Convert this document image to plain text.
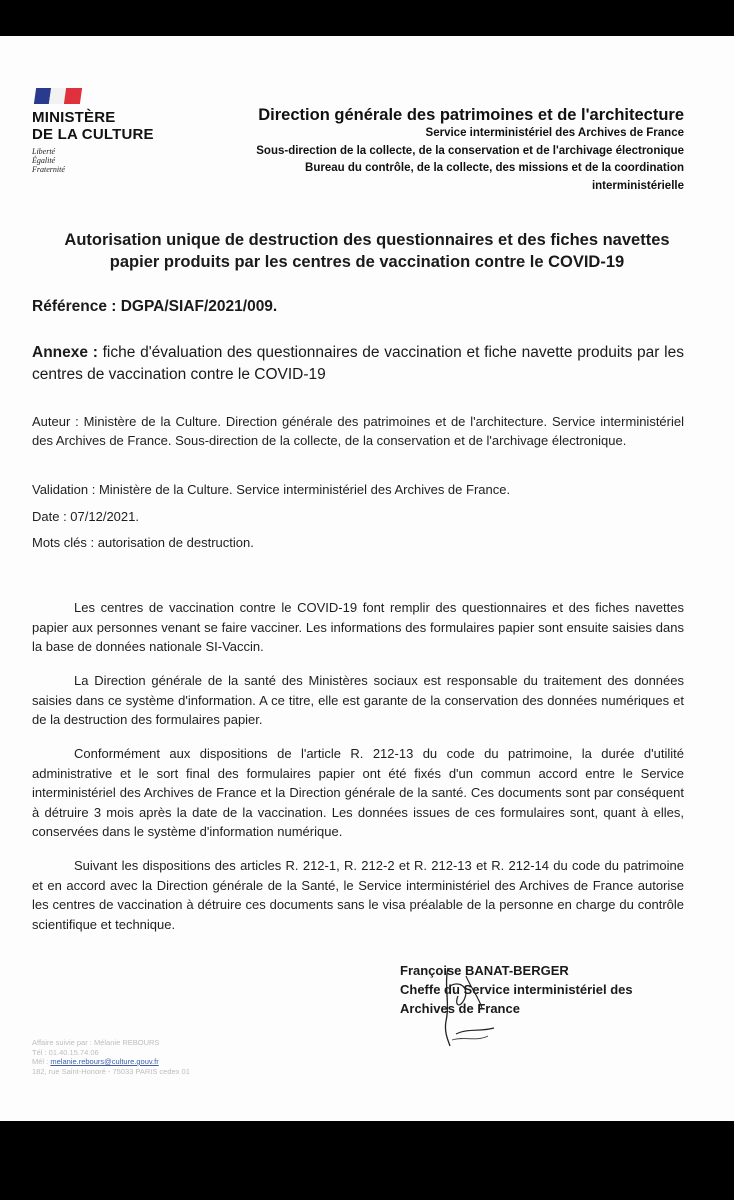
MINISTÈRE
DE LA CULTURE
Liberté
Égalité
Fraternité
Direction générale des patrimoines et de l'architecture
Service interministériel des Archives de France
Sous-direction de la collecte, de la conservation et de l'archivage électronique
Bureau du contrôle, de la collecte, des missions et de la coordination
interministérielle
Autorisation unique de destruction des questionnaires et des fiches navettes papier produits par les centres de vaccination contre le COVID-19
Référence : DGPA/SIAF/2021/009.
Annexe : fiche d'évaluation des questionnaires de vaccination et fiche navette produits par les centres de vaccination contre le COVID-19
Auteur : Ministère de la Culture. Direction générale des patrimoines et de l'architecture. Service interministériel des Archives de France. Sous-direction de la collecte, de la conservation et de l'archivage électronique.
Validation : Ministère de la Culture. Service interministériel des Archives de France.
Date : 07/12/2021.
Mots clés : autorisation de destruction.
Les centres de vaccination contre le COVID-19 font remplir des questionnaires et des fiches navettes papier aux personnes venant se faire vacciner. Les informations des formulaires papier sont ensuite saisies dans la base de données nationale SI-Vaccin.
La Direction générale de la santé des Ministères sociaux est responsable du traitement des données saisies dans ce système d'information. A ce titre, elle est garante de la conservation des données numériques et de la destruction des formulaires papier.
Conformément aux dispositions de l'article R. 212-13 du code du patrimoine, la durée d'utilité administrative et le sort final des formulaires papier ont été fixés d'un commun accord entre le Service interministériel des Archives de France et la Direction générale de la santé. Ces documents sont par conséquent à détruire 3 mois après la date de la vaccination. Les données issues de ces formulaires sont, quant à elles, conservées dans le système d'information numérique.
Suivant les dispositions des articles R. 212-1, R. 212-2 et R. 212-13 et R. 212-14 du code du patrimoine et en accord avec la Direction générale de la Santé, le Service interministériel des Archives de France autorise les centres de vaccination à détruire ces documents sans le visa préalable de la personne en charge du contrôle scientifique et technique.
Françoise BANAT-BERGER
Cheffe du Service interministériel des
Archives de France
Affaire suivie par : Mélanie REBOURS
Tél : 01.40.15.74.06
Mél : melanie.rebours@culture.gouv.fr
182, rue Saint-Honoré - 75033 PARIS cedex 01
